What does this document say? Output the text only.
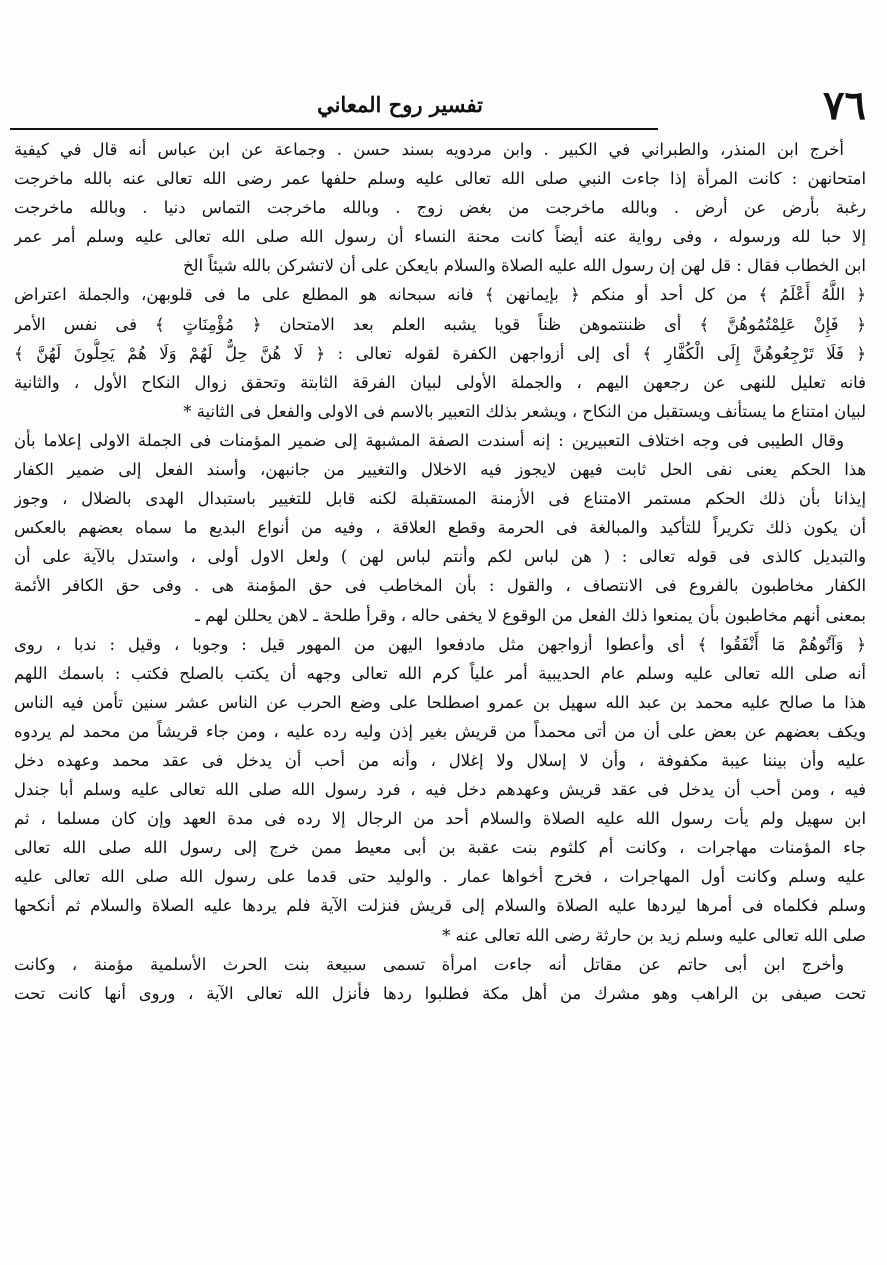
٧٦
تفسير روح المعاني
أخرج ابن المنذر، والطبراني في الكبير . وابن مردويه بسند حسن . وجماعة عن ابن عباس أنه قال في كيفية
امتحانهن : كانت المرأة إذا جاءت النبي صلى الله تعالى عليه وسلم حلفها عمر رضى الله تعالى عنه بالله ماخرجت
رغبة بأرض عن أرض . وبالله ماخرجت من بغض زوج . وبالله ماخرجت التماس دنيا . وبالله ماخرجت
إلا حبا لله ورسوله ، وفى رواية عنه أيضاً كانت محنة النساء أن رسول الله صلى الله تعالى عليه وسلم أمر عمر
ابن الخطاب فقال : قل لهن إن رسول الله عليه الصلاة والسلام بايعكن على أن لاتشركن بالله شيئاً الخ
﴿ اللَّهُ أَعْلَمُ ﴾ من كل أحد أو منكم ﴿ بإيمانهن ﴾ فانه سبحانه هو المطلع على ما فى قلوبهن، والجملة اعتراض
﴿ فَإِنْ عَلِمْتُمُوهُنَّ ﴾ أى ظننتموهن ظناً قويا يشبه العلم بعد الامتحان ﴿ مُؤْمِنَاتٍ ﴾ فى نفس الأمر
﴿ فَلَا تَرْجِعُوهُنَّ إِلَى الْكُفَّارِ ﴾ أى إلى أزواجهن الكفرة لقوله تعالى : ﴿ لَا هُنَّ حِلٌّ لَهُمْ وَلَا هُمْ يَحِلُّونَ لَهُنَّ ﴾
فانه تعليل للنهى عن رجعهن اليهم ، والجملة الأولى لبيان الفرقة الثابتة وتحقق زوال النكاح الأول ، والثانية
لبيان امتناع ما يستأنف ويستقبل من النكاح ، ويشعر بذلك التعبير بالاسم فى الاولى والفعل فى الثانية *
وقال الطيبى فى وجه اختلاف التعبيرين : إنه أسندت الصفة المشبهة إلى ضمير المؤمنات فى الجملة الاولى إعلاما بأن
هذا الحكم يعنى نفى الحل ثابت فيهن لايجوز فيه الاخلال والتغيير من جانبهن، وأسند الفعل إلى ضمير الكفار
إيذانا بأن ذلك الحكم مستمر الامتناع فى الأزمنة المستقبلة لكنه قابل للتغيير باستبدال الهدى بالضلال ، وجوز
أن يكون ذلك تكريراً للتأكيد والمبالغة فى الحرمة وقطع العلاقة ، وفيه من أنواع البديع ما سماه بعضهم بالعكس
والتبديل كالذى فى قوله تعالى : ( هن لباس لكم وأنتم لباس لهن ) ولعل الاول أولى ، واستدل بالآية على أن
الكفار مخاطبون بالفروع فى الانتصاف ، والقول : بأن المخاطب فى حق المؤمنة هى . وفى حق الكافر الأئمة
بمعنى أنهم مخاطبون بأن يمنعوا ذلك الفعل من الوقوع لا يخفى حاله ، وقرأ طلحة ـ لاهن يحللن لهم ـ
﴿ وَآتُوهُمْ مَا أَنْفَقُوا ﴾ أى وأعطوا أزواجهن مثل مادفعوا اليهن من المهور قيل : وجوبا ، وقيل : ندبا ، روى
أنه صلى الله تعالى عليه وسلم عام الحديبية أمر علياً كرم الله تعالى وجهه أن يكتب بالصلح فكتب : باسمك اللهم
هذا ما صالح عليه محمد بن عبد الله سهيل بن عمرو اصطلحا على وضع الحرب عن الناس عشر سنين تأمن فيه الناس
ويكف بعضهم عن بعض على أن من أتى محمداً من قريش بغير إذن وليه رده عليه ، ومن جاء قريشاً من محمد لم يردوه
عليه وأن بيننا عيبة مكفوفة ، وأن لا إسلال ولا إغلال ، وأنه من أحب أن يدخل فى عقد محمد وعهده دخل
فيه ، ومن أحب أن يدخل فى عقد قريش وعهدهم دخل فيه ، فرد رسول الله صلى الله تعالى عليه وسلم أبا جندل
ابن سهيل ولم يأت رسول الله عليه الصلاة والسلام أحد من الرجال إلا رده فى مدة العهد وإن كان مسلما ، ثم
جاء المؤمنات مهاجرات ، وكانت أم كلثوم بنت عقبة بن أبى معيط ممن خرج إلى رسول الله صلى الله تعالى
عليه وسلم وكانت أول المهاجرات ، فخرج أخواها عمار . والوليد حتى قدما على رسول الله صلى الله تعالى عليه
وسلم فكلماه فى أمرها ليردها عليه الصلاة والسلام إلى قريش فنزلت الآية فلم يردها عليه الصلاة والسلام ثم أنكحها
صلى الله تعالى عليه وسلم زيد بن حارثة رضى الله تعالى عنه *
وأخرج ابن أبى حاتم عن مقاتل أنه جاءت امرأة تسمى سبيعة بنت الحرث الأسلمية مؤمنة ، وكانت
تحت صيفى بن الراهب وهو مشرك من أهل مكة فطلبوا ردها فأنزل الله تعالى الآية ، وروى أنها كانت تحت
